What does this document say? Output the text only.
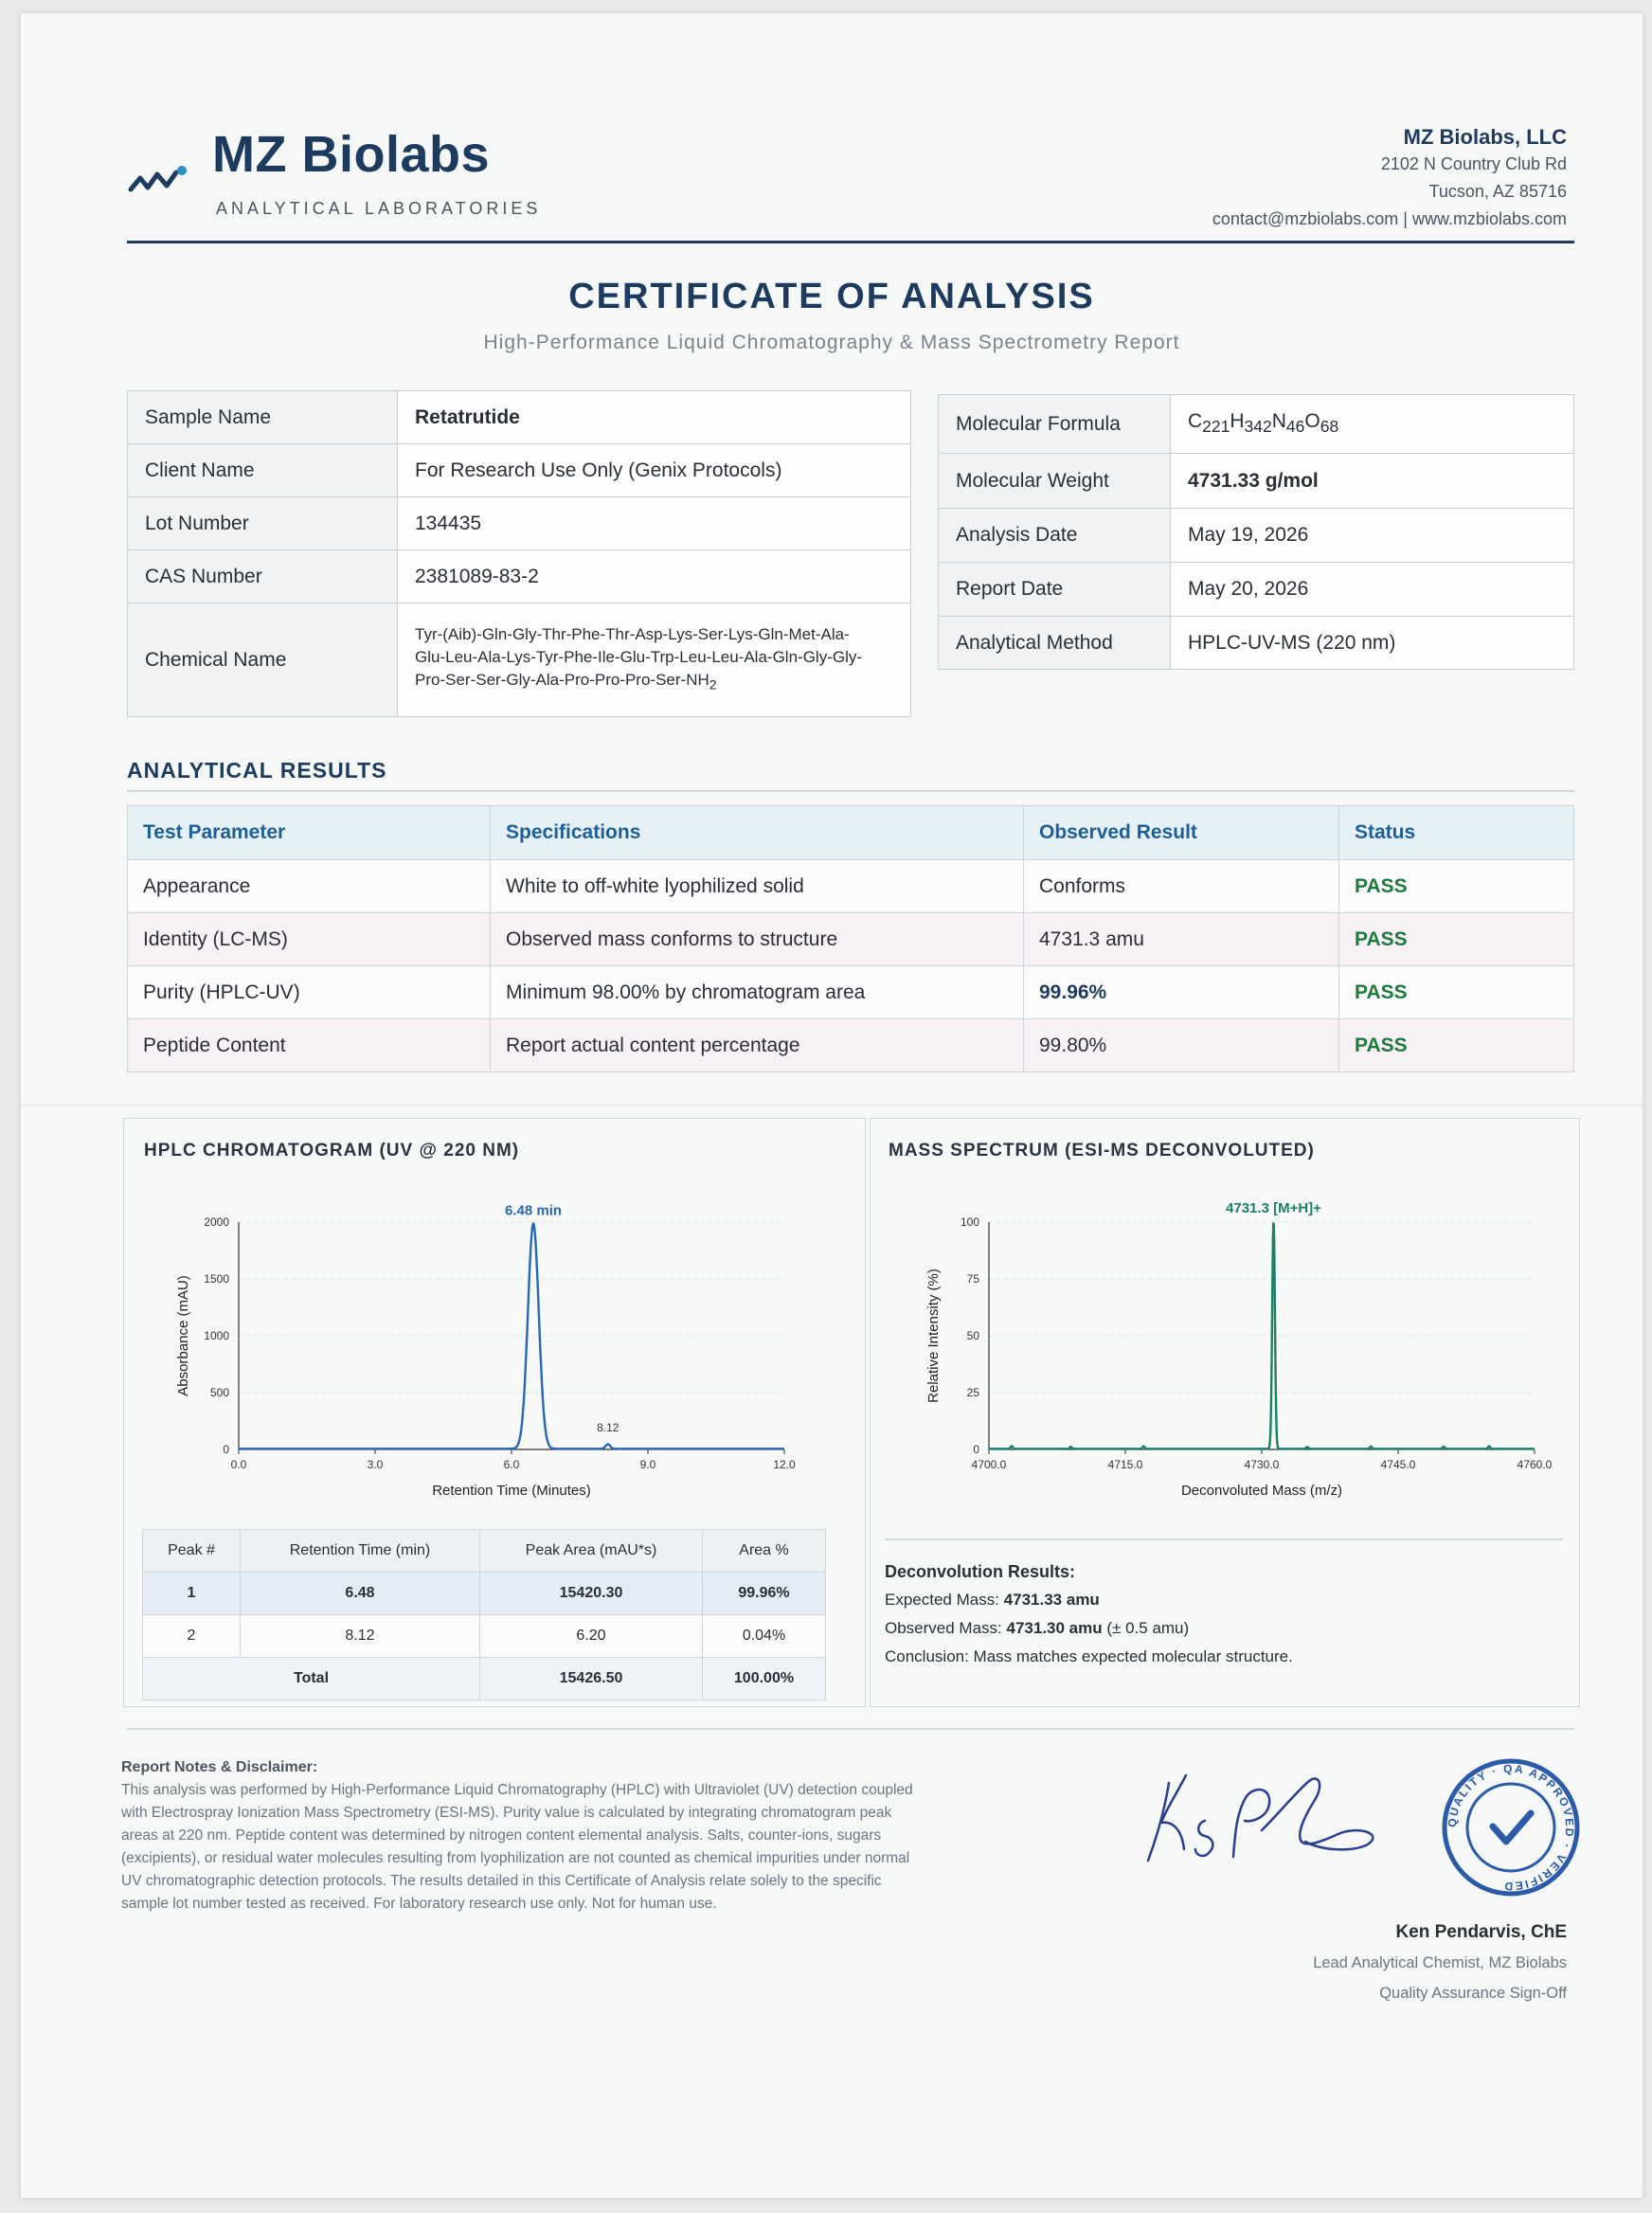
MZ Biolabs
ANALYTICAL LABORATORIES
MZ Biolabs, LLC
2102 N Country Club Rd
Tucson, AZ 85716
contact@mzbiolabs.com | www.mzbiolabs.com
CERTIFICATE OF ANALYSIS
High-Performance Liquid Chromatography & Mass Spectrometry Report
Sample Name	Retatrutide
Client Name	For Research Use Only (Genix Protocols)
Lot Number	134435
CAS Number	2381089-83-2
Chemical Name	Tyr-(Aib)-Gln-Gly-Thr-Phe-Thr-Asp-Lys-Ser-Lys-Gln-Met-Ala-
Glu-Leu-Ala-Lys-Tyr-Phe-Ile-Glu-Trp-Leu-Leu-Ala-Gln-Gly-Gly-
Pro-$Ser-Ser-Gly-Ala-Pro-Pro-Pro-Ser-NH_2$
Molecular Formula	$C_{221}H_{342}N_{46}O_{68}$
Molecular Weight	4731.33 g/mol
Analysis Date	May 19, 2026
Report Date	May 20, 2026
Analytical Method	HPLC-UV-MS (220 nm)
ANALYTICAL RESULTS
Test Parameter	Specifications	Observed Result	Status
Appearance	White to off-white lyophilized solid	Conforms	PASS
Identity (LC-MS)	Observed mass conforms to structure	4731.3 amu	PASS
Purity (HPLC-UV)	Minimum 98.00% by chromatogram area	99.96%	PASS
Peptide Content	Report actual content percentage	99.80%	PASS
HPLC CHROMATOGRAM (UV @ 220 NM)
0
500
1000
1500
2000
0.0	3.0	6.0	9.0	12.0
Retention Time (Minutes)
Absorbance (mAU)
6.48 min
8.12
Peak #	Retention Time (min)	Peak Area (mAU*s)	Area %
1	6.48	15420.30	99.96%
2	8.12	6.20	0.04%
Total		15426.50	100.00%
MASS SPECTRUM (ESI-MS DECONVOLUTED)
0
25
50
75
100
4700.0	4715.0	4730.0	4745.0	4760.0
Deconvoluted Mass (m/z)
Relative Intensity (%)
4731.3 [M+H]+
Deconvolution Results:
Expected Mass: 4731.33 amu
Observed Mass: 4731.30 amu (± 0.5 amu)
Conclusion: Mass matches expected molecular structure.
Report Notes & Disclaimer:
This analysis was performed by High-Performance Liquid Chromatography (HPLC) with Ultraviolet (UV) detection coupled with Electrospray Ionization Mass Spectrometry (ESI-MS). Purity value is calculated by integrating chromatogram peak areas at 220 nm. Peptide content was determined by nitrogen content elemental analysis. Salts, counter-ions, sugars (excipients), or residual water molecules resulting from lyophilization are not counted as chemical impurities under normal UV chromatographic detection protocols. The results detailed in this Certificate of Analysis relate solely to the specific sample lot number tested as received. For laboratory research use only. Not for human use.
QUALITY · QA APPROVED · VERIFIED
Ken Pendarvis, ChE
Lead Analytical Chemist, MZ Biolabs
Quality Assurance Sign-Off
